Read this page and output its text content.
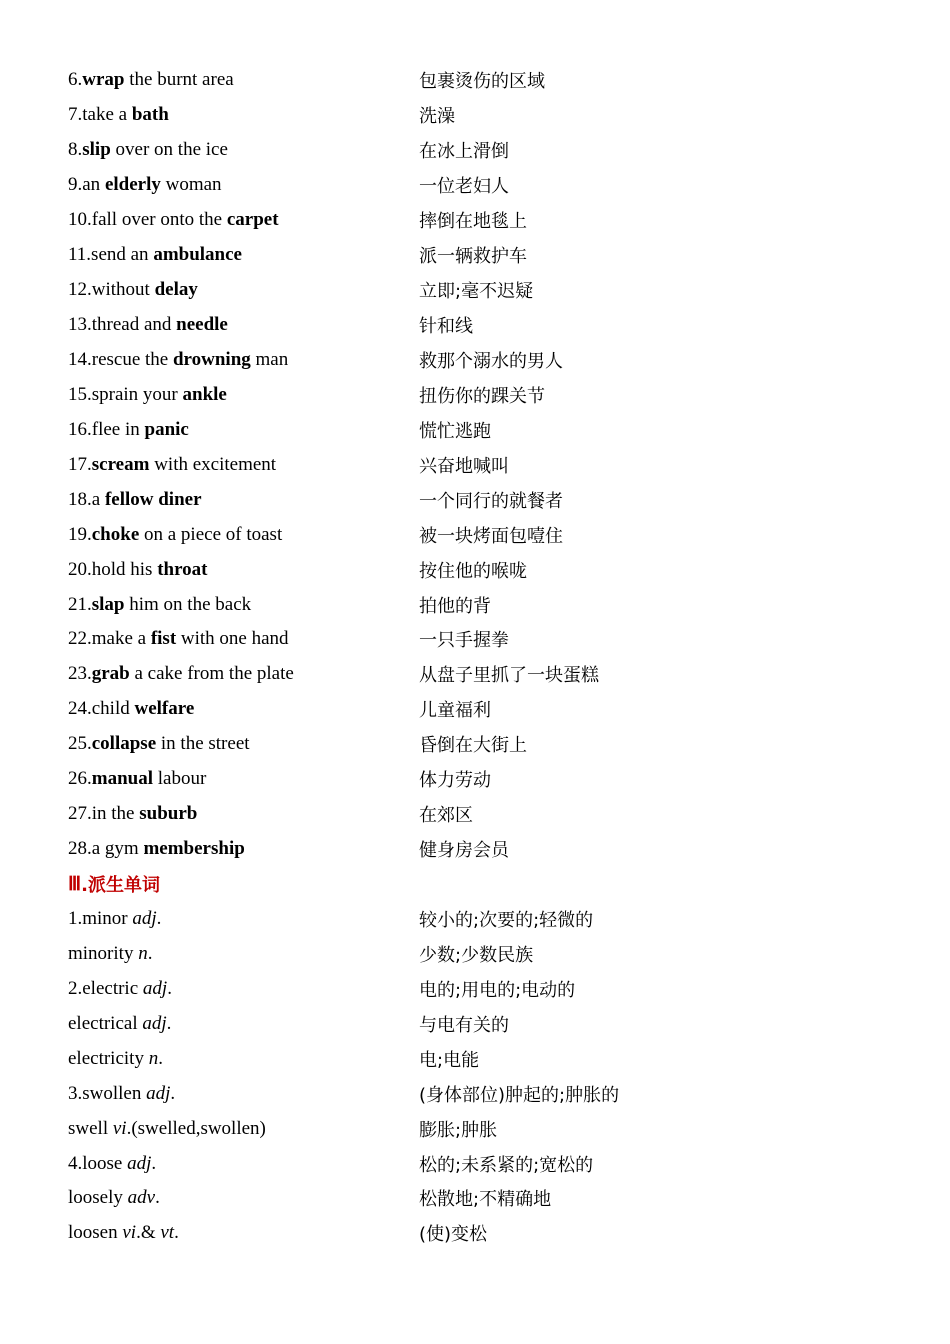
6.wrap the burnt area	包裹烫伤的区域
7.take a bath	洗澡
8.slip over on the ice	在冰上滑倒
9.an elderly woman	一位老妇人
10.fall over onto the carpet	摔倒在地毯上
11.send an ambulance	派一辆救护车
12.without delay	立即;毫不迟疑
13.thread and needle	针和线
14.rescue the drowning man	救那个溺水的男人
15.sprain your ankle	扭伤你的踝关节
16.flee in panic	慌忙逃跑
17.scream with excitement	兴奋地喊叫
18.a fellow diner	一个同行的就餐者
19.choke on a piece of toast	被一块烤面包噎住
20.hold his throat	按住他的喉咙
21.slap him on the back	拍他的背
22.make a fist with one hand	一只手握拳
23.grab a cake from the plate	从盘子里抓了一块蛋糕
24.child welfare	儿童福利
25.collapse in the street	昏倒在大街上
26.manual labour	体力劳动
27.in the suburb	在郊区
28.a gym membership	健身房会员
Ⅲ .派生单词
1.minor adj.	较小的;次要的;轻微的
minority n.	少数;少数民族
2.electric adj.	电的;用电的;电动的
electrical adj.	与电有关的
electricity n.	电;电能
3.swollen adj.	(身体部位)肿起的;肿胀的
swell vi.(swelled,swollen)	膨胀;肿胀
4.loose adj.	松的;未系紧的;宽松的
loosely adv.	松散地;不精确地
loosen vi.& vt.	(使)变松
